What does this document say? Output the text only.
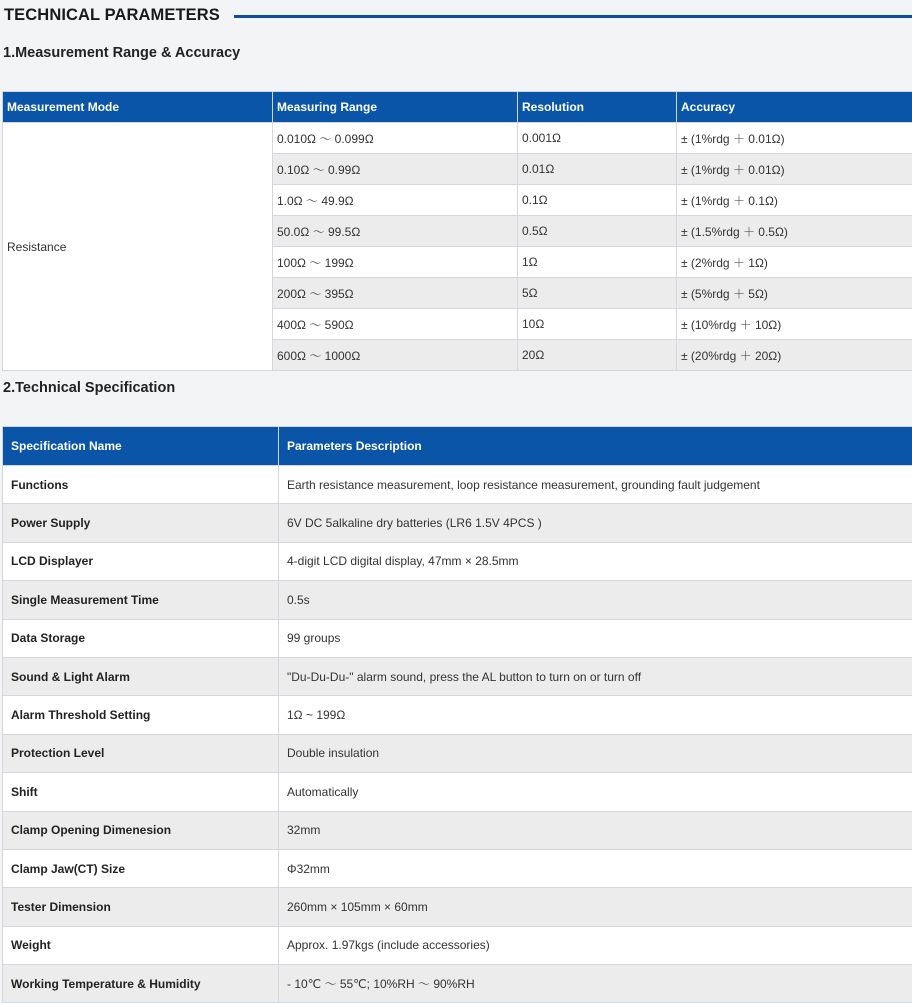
TECHNICAL PARAMETERS
1.Measurement Range & Accuracy
Measurement Mode	Measuring Range	Resolution	Accuracy
Resistance	0.010Ω ～ 0.099Ω	0.001Ω	± (1%rdg ＋ 0.01Ω)
	0.10Ω ～ 0.99Ω	0.01Ω	± (1%rdg ＋ 0.01Ω)
	1.0Ω ～ 49.9Ω	0.1Ω	± (1%rdg ＋ 0.1Ω)
	50.0Ω ～ 99.5Ω	0.5Ω	± (1.5%rdg ＋ 0.5Ω)
	100Ω ～ 199Ω	1Ω	± (2%rdg ＋ 1Ω)
	200Ω ～ 395Ω	5Ω	± (5%rdg ＋ 5Ω)
	400Ω ～ 590Ω	10Ω	± (10%rdg ＋ 10Ω)
	600Ω ～ 1000Ω	20Ω	± (20%rdg ＋ 20Ω)
2.Technical Specification
Specification Name	Parameters Description
Functions	Earth resistance measurement, loop resistance measurement, grounding fault judgement
Power Supply	6V DC 5alkaline dry batteries (LR6 1.5V 4PCS )
LCD Displayer	4-digit LCD digital display, 47mm × 28.5mm
Single Measurement Time	0.5s
Data Storage	99 groups
Sound & Light Alarm	"Du-Du-Du-" alarm sound, press the AL button to turn on or turn off
Alarm Threshold Setting	1Ω ~ 199Ω
Protection Level	Double insulation
Shift	Automatically
Clamp Opening Dimenesion	32mm
Clamp Jaw(CT) Size	Φ32mm
Tester Dimension	260mm × 105mm × 60mm
Weight	Approx. 1.97kgs (include accessories)
Working Temperature & Humidity	- 10℃ ～ 55℃; 10%RH ～ 90%RH
